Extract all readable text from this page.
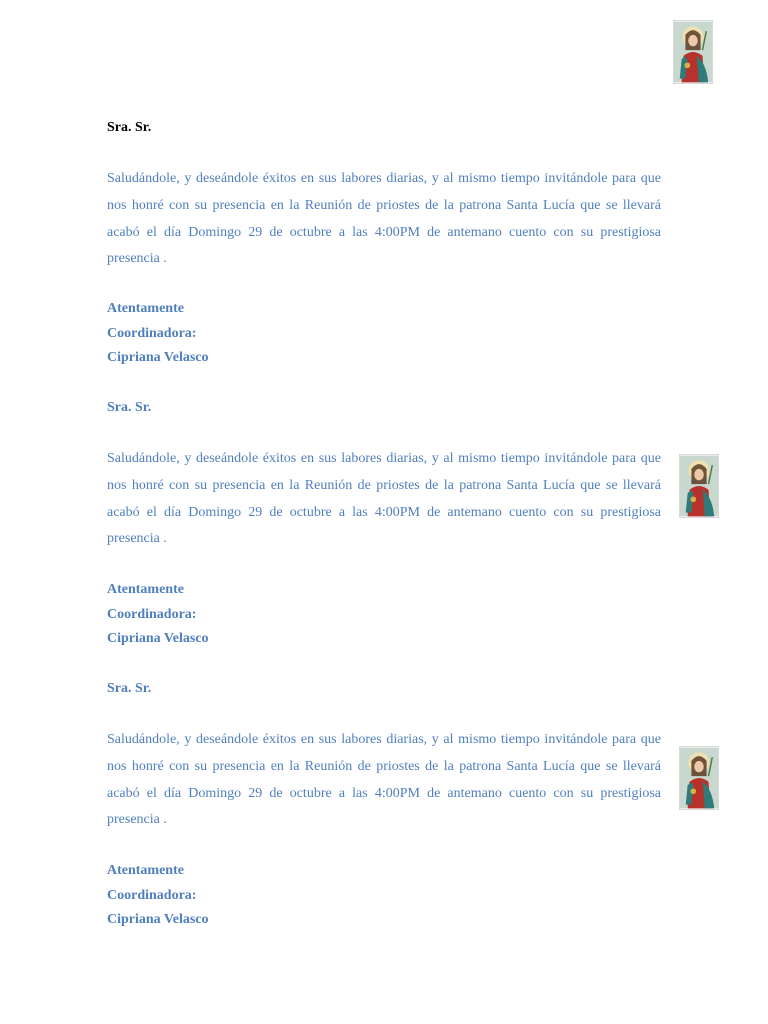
Sra. Sr.

Saludándole, y deseándole éxitos en sus labores diarias, y al mismo tiempo invitándole para que nos honré con su presencia en la Reunión de priostes de la patrona Santa Lucía que se llevará acabó el día Domingo 29 de octubre a las 4:00PM de antemano cuento con su prestigiosa presencia .

Atentamente
Coordinadora:
Cipriana Velasco
Sra. Sr.

Saludándole, y deseándole éxitos en sus labores diarias, y al mismo tiempo invitándole para que nos honré con su presencia en la Reunión de priostes de la patrona Santa Lucía que se llevará acabó el día Domingo 29 de octubre a las 4:00PM de antemano cuento con su prestigiosa presencia .

Atentamente
Coordinadora:
Cipriana Velasco
Sra. Sr.

Saludándole, y deseándole éxitos en sus labores diarias, y al mismo tiempo invitándole para que nos honré con su presencia en la Reunión de priostes de la patrona Santa Lucía que se llevará acabó el día Domingo 29 de octubre a las 4:00PM de antemano cuento con su prestigiosa presencia .

Atentamente
Coordinadora:
Cipriana Velasco
